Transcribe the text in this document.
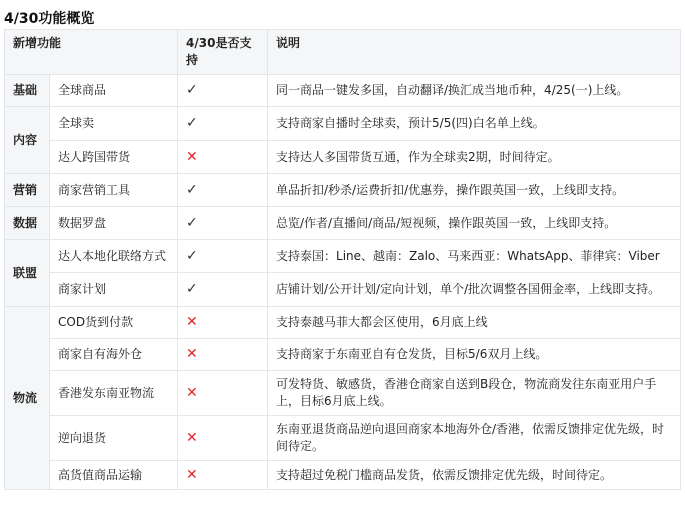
4/30功能概览
新增功能		4/30是否支持	说明
基础	全球商品	✓	同一商品一键发多国，自动翻译/换汇成当地币种，4/25(一)上线。
内容	全球卖	✓	支持商家自播时全球卖，预计5/5(四)白名单上线。
	达人跨国带货	✕	支持达人多国带货互通，作为全球卖2期，时间待定。
营销	商家营销工具	✓	单品折扣/秒杀/运费折扣/优惠券，操作跟英国一致，上线即支持。
数据	数据罗盘	✓	总览/作者/直播间/商品/短视频，操作跟英国一致，上线即支持。
联盟	达人本地化联络方式	✓	支持泰国：Line、越南：Zalo、马来西亚：WhatsApp、菲律宾：Viber
	商家计划	✓	店铺计划/公开计划/定向计划，单个/批次调整各国佣金率，上线即支持。
物流	COD货到付款	✕	支持泰越马菲大都会区使用，6月底上线
	商家自有海外仓	✕	支持商家于东南亚自有仓发货，目标5/6双月上线。
	香港发东南亚物流	✕	可发特货、敏感货，香港仓商家自送到B段仓，物流商发往东南亚用户手上，目标6月底上线。
	逆向退货	✕	东南亚退货商品逆向退回商家本地海外仓/香港，依需反馈排定优先级，时间待定。
	高货值商品运输	✕	支持超过免税门槛商品发货，依需反馈排定优先级，时间待定。
